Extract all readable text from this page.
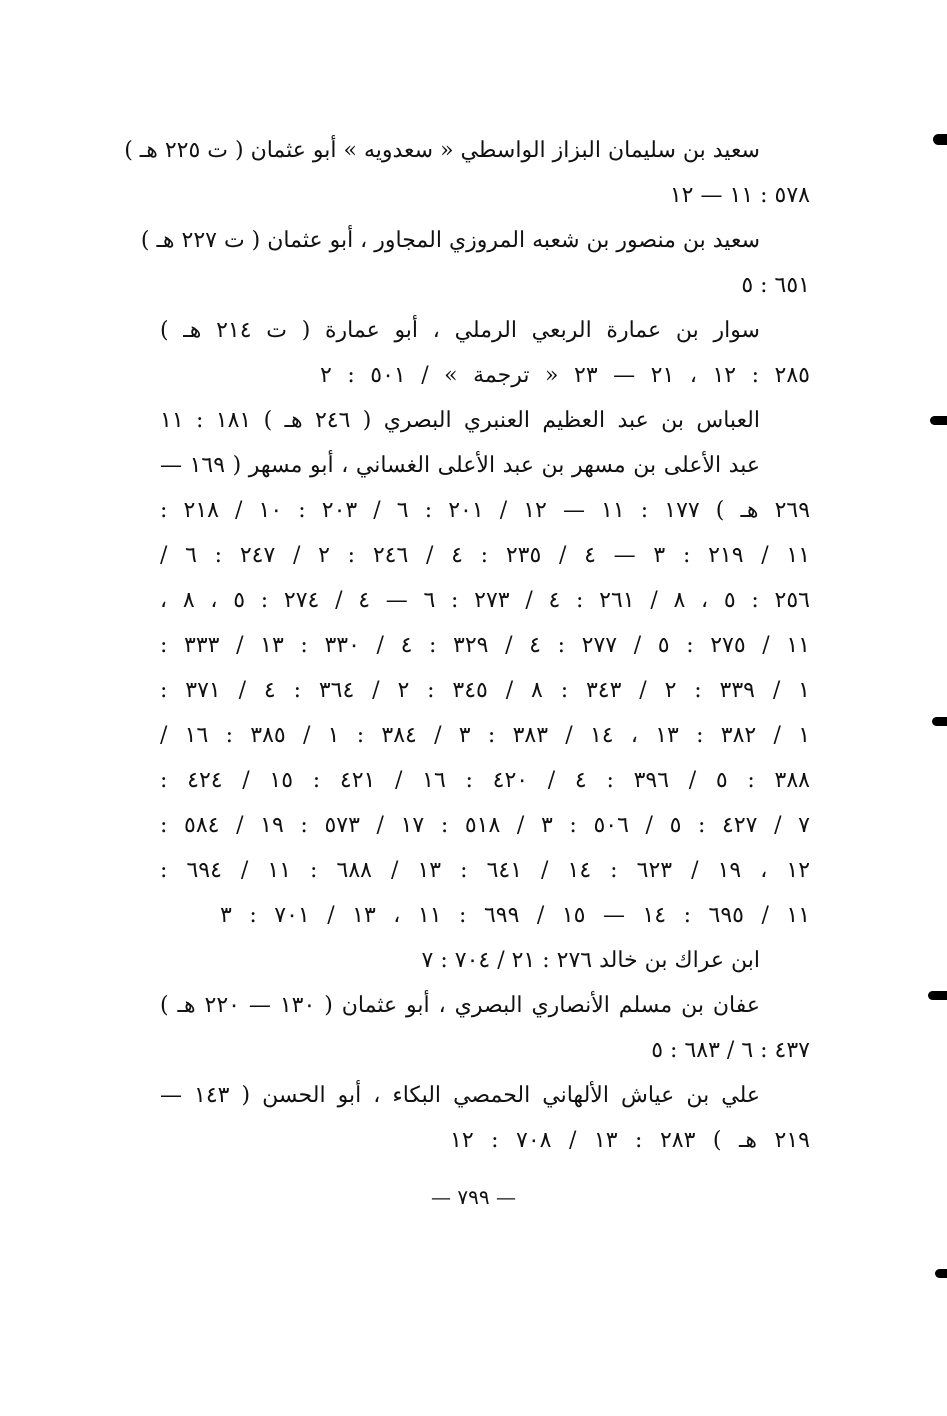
سعيد بن سليمان البزاز الواسطي « سعدويه » أبو عثمان ( ت ٢٢٥ هـ )
٥٧٨ : ١١ — ١٢
سعيد بن منصور بن شعبه المروزي المجاور ، أبو عثمان ( ت ٢٢٧ هـ )
٦٥١ : ٥
سوار بن عمارة الربعي الرملي ، أبو عمارة ( ت ٢١٤ هـ )
٢٨٥ : ١٢ ، ٢١ — ٢٣ « ترجمة » / ٥٠١ : ٢
العباس بن عبد العظيم العنبري البصري ( ٢٤٦ هـ ) ١٨١ : ١١
عبد الأعلى بن مسهر بن عبد الأعلى الغساني ، أبو مسهر ( ١٦٩ —
٢٦٩ هـ ) ١٧٧ : ١١ — ١٢ / ٢٠١ : ٦ / ٢٠٣ : ١٠ / ٢١٨ :
١١ / ٢١٩ : ٣ — ٤ / ٢٣٥ : ٤ / ٢٤٦ : ٢ / ٢٤٧ : ٦ /
٢٥٦ : ٥ ، ٨ / ٢٦١ : ٤ / ٢٧٣ : ٦ — ٤ / ٢٧٤ : ٥ ، ٨ ،
١١ / ٢٧٥ : ٥ / ٢٧٧ : ٤ / ٣٢٩ : ٤ / ٣٣٠ : ١٣ / ٣٣٣ :
١ / ٣٣٩ : ٢ / ٣٤٣ : ٨ / ٣٤٥ : ٢ / ٣٦٤ : ٤ / ٣٧١ :
١ / ٣٨٢ : ١٣ ، ١٤ / ٣٨٣ : ٣ / ٣٨٤ : ١ / ٣٨٥ : ١٦ /
٣٨٨ : ٥ / ٣٩٦ : ٤ / ٤٢٠ : ١٦ / ٤٢١ : ١٥ / ٤٢٤ :
٧ / ٤٢٧ : ٥ / ٥٠٦ : ٣ / ٥١٨ : ١٧ / ٥٧٣ : ١٩ / ٥٨٤ :
١٢ ، ١٩ / ٦٢٣ : ١٤ / ٦٤١ : ١٣ / ٦٨٨ : ١١ / ٦٩٤ :
١١ / ٦٩٥ : ١٤ — ١٥ / ٦٩٩ : ١١ ، ١٣ / ٧٠١ : ٣
ابن عراك بن خالد ٢٧٦ : ٢١ / ٧٠٤ : ٧
عفان بن مسلم الأنصاري البصري ، أبو عثمان ( ١٣٠ — ٢٢٠ هـ )
٤٣٧ : ٦ / ٦٨٣ : ٥
علي بن عياش الألهاني الحمصي البكاء ، أبو الحسن ( ١٤٣ —
٢١٩ هـ ) ٢٨٣ : ١٣ / ٧٠٨ : ١٢
— ٧٩٩ —
